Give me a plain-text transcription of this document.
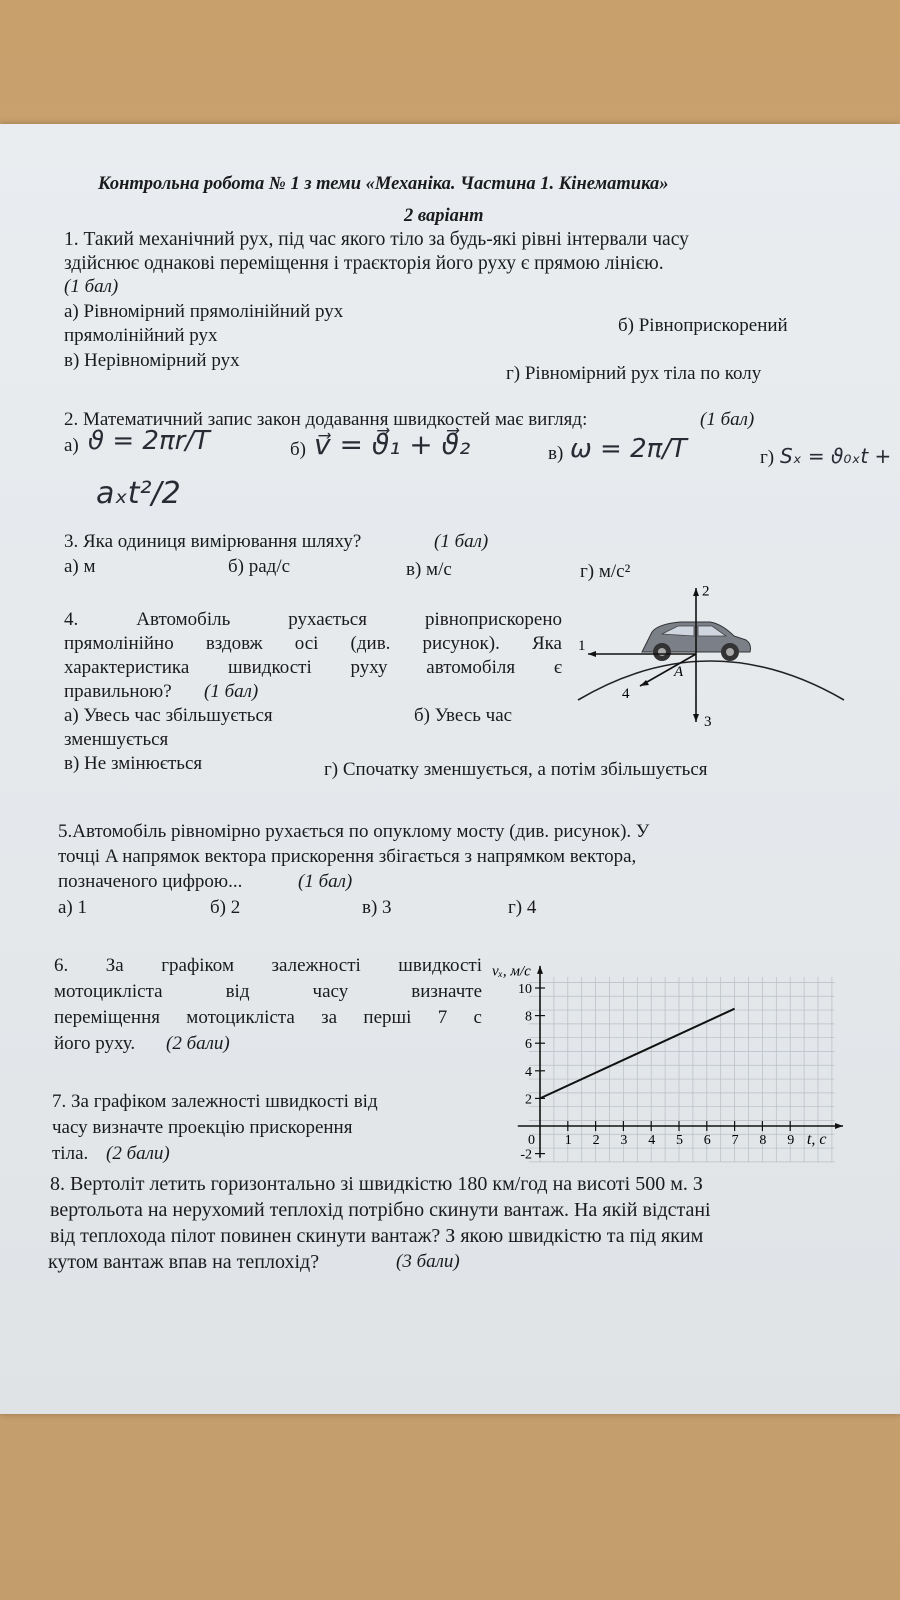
Контрольна робота № 1 з теми «Механіка. Частина 1. Кінематика»
2 варіант
1. Такий механічний рух, під час якого тіло за будь-які рівні інтервали часу
здійснює однакові переміщення і траєкторія його руху є прямою лінією.
(1 бал)
а) Рівномірний прямолінійний рух
прямолінійний рух	б) Рівноприскорений
в) Нерівномірний рух
г) Рівномірний рух тіла по колу
2. Математичний запис закон додавання швидкостей має вигляд:	(1 бал)
а)	б)	в)	г)
ϑ = 2πr/T	v⃗ = ϑ⃗₁ + ϑ⃗₂	ω = 2π/T	Sₓ = ϑ₀ₓt +
aₓt²/2
3. Яка одиниця вимірювання шляху?	(1 бал)
а) м	б) рад/с	в) м/с	г) м/с²
4. Автомобіль рухається рівноприскорено
прямолінійно вздовж осі (див. рисунок). Яка
характеристика швидкості руху автомобіля є
правильною? (1 бал)
а) Увесь час збільшується	б) Увесь час
зменшується
в) Не змінюється	г) Спочатку зменшується, а потім збільшується
1
2
3
4
A
5.Автомобіль рівномірно рухається по опуклому мосту (див. рисунок). У
точці A напрямок вектора прискорення збігається з напрямком вектора,
позначеного цифрою...	(1 бал)
а) 1	б) 2	в) 3	г) 4
6. За графіком залежності швидкості
мотоцикліста від часу визначте
переміщення мотоцикліста за перші 7 с
його руху. (2 бали)
7. За графіком залежності швидкості від
часу визначте проекцію прискорення
тіла. (2 бали)
0 1 2 3 4 5 6 7 8 9
-2
2
4
6
8
10
t, c
vₓ, м/с
8. Вертоліт летить горизонтально зі швидкістю 180 км/год на висоті 500 м. З
вертольота на нерухомий теплохід потрібно скинути вантаж. На якій відстані
від теплохода пілот повинен скинути вантаж? З якою швидкістю та під яким
кутом вантаж впав на теплохід?	(3 бали)
